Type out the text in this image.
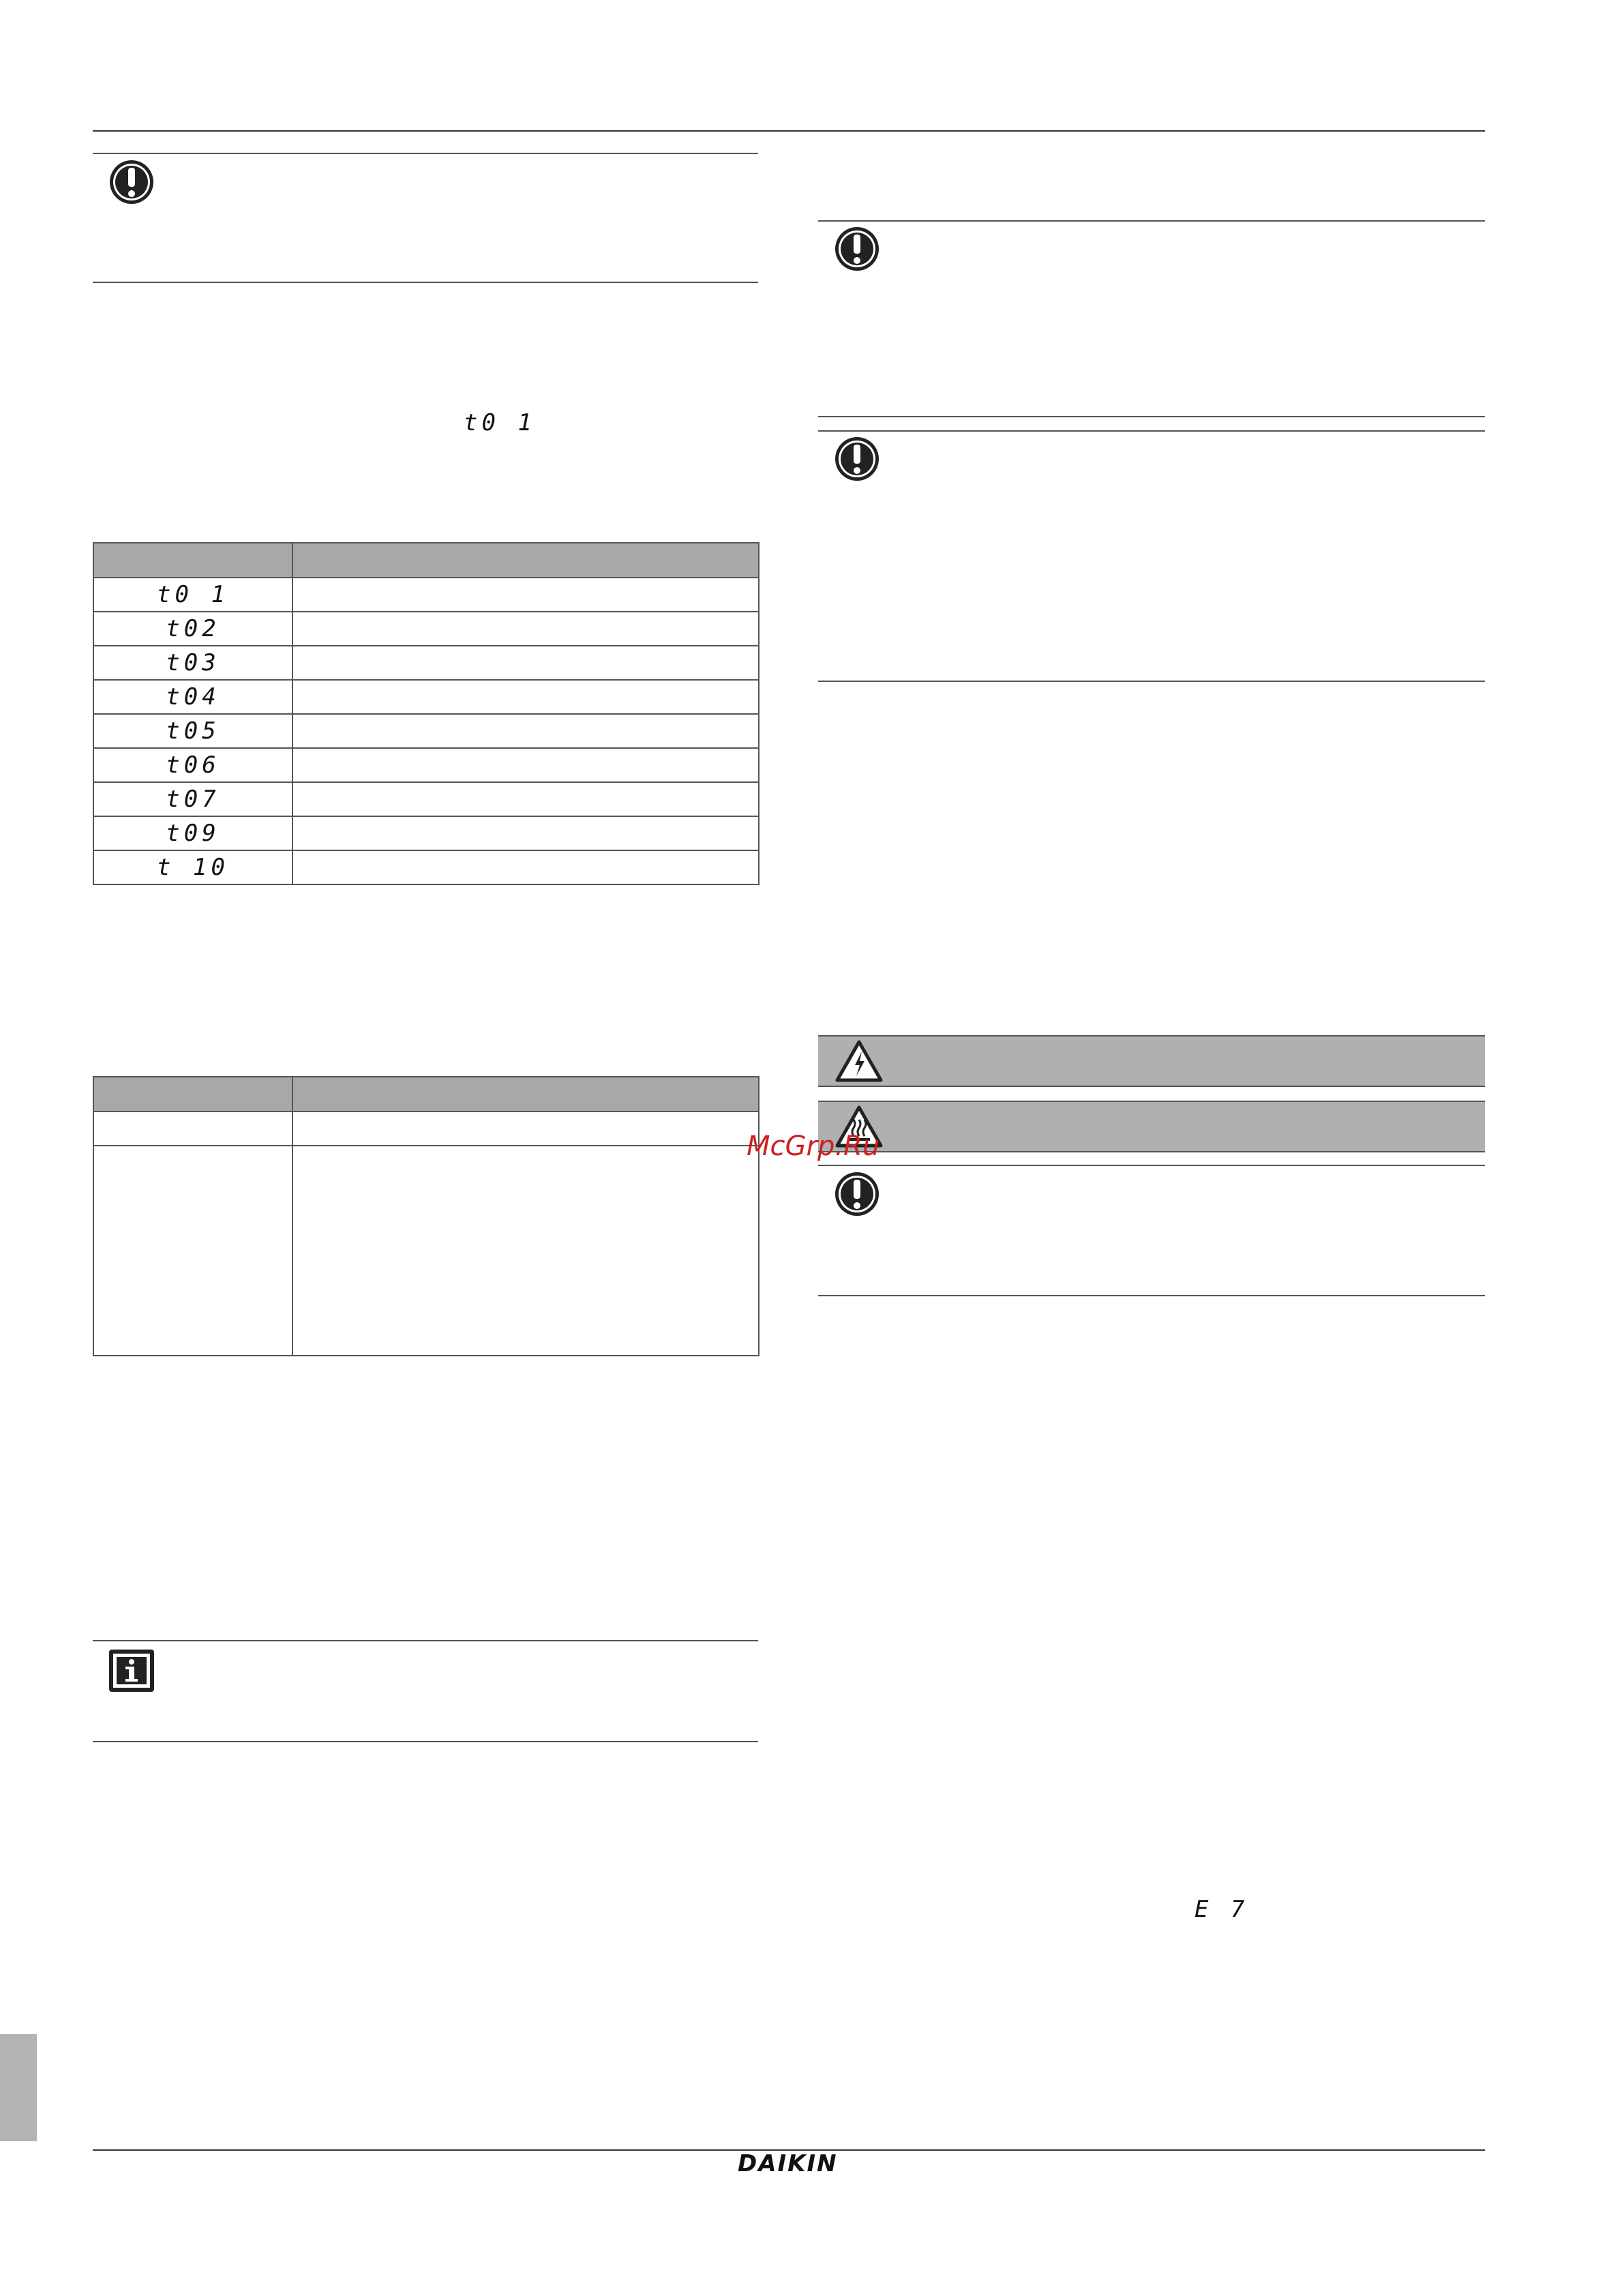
t0 1

t0 1	
t02	
t03	
t04	
t05	
t06	
t07	
t09	
t 10	

McGrp.Ru
E 7
DAIKIN
